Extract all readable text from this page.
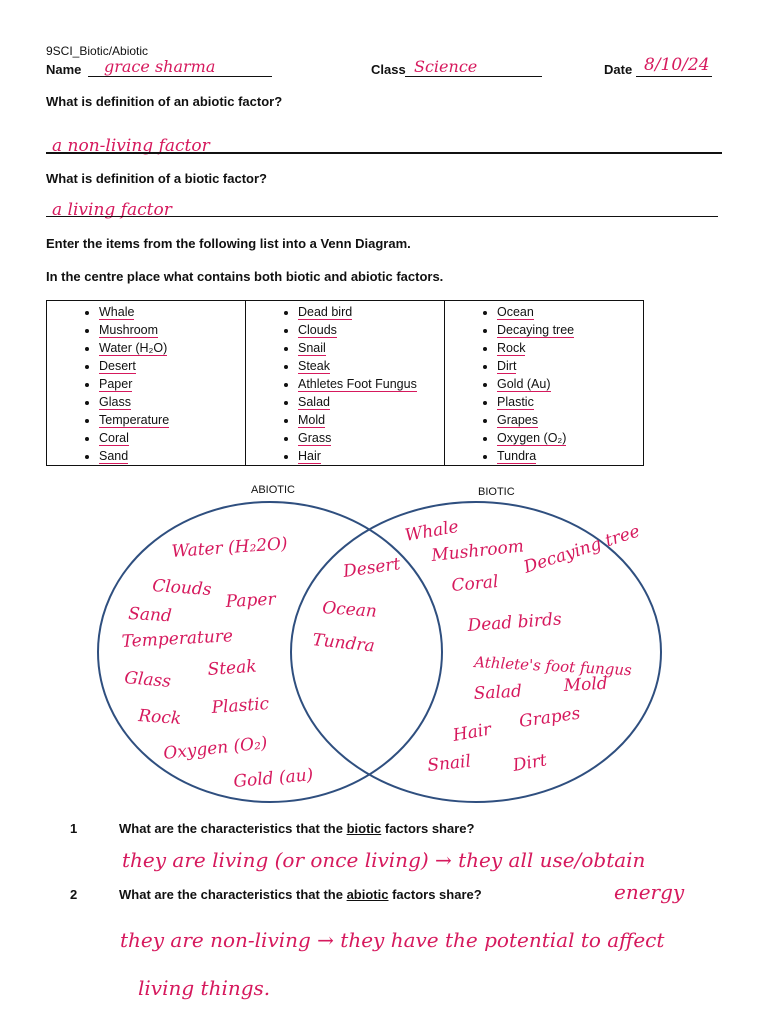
9SCI_Biotic/Abiotic
Name grace sharma	Class Science	Date 8/10/24
What is definition of an abiotic factor?
a non-living factor
What is definition of a biotic factor?
a living factor
Enter the items from the following list into a Venn Diagram.
In the centre place what contains both biotic and abiotic factors.
• Whale
• Mushroom
• Water (H₂O)
• Desert
• Paper
• Glass
• Temperature
• Coral
• Sand

• Dead bird
• Clouds
• Snail
• Steak
• Athletes Foot Fungus
• Salad
• Mold
• Grass
• Hair

• Ocean
• Decaying tree
• Rock
• Dirt
• Gold (Au)
• Plastic
• Grapes
• Oxygen (O₂)
• Tundra
ABIOTIC	BIOTIC
Water (H₂2O)
Clouds
Sand
Paper
Temperature
Glass Steak
Rock Plastic
Oxygen (O₂)
Gold (au)
Desert
Ocean
Tundra
Whale
Mushroom
Coral
Decaying tree
Dead birds
Athlete's foot fungus
Salad Mold
Hair
Grapes
Snail Dirt
1	What are the characteristics that the biotic factors share?
they are living (or once living) → they all use/obtain
energy
2	What are the characteristics that the abiotic factors share?
they are non-living → they have the potential to affect
living things.
